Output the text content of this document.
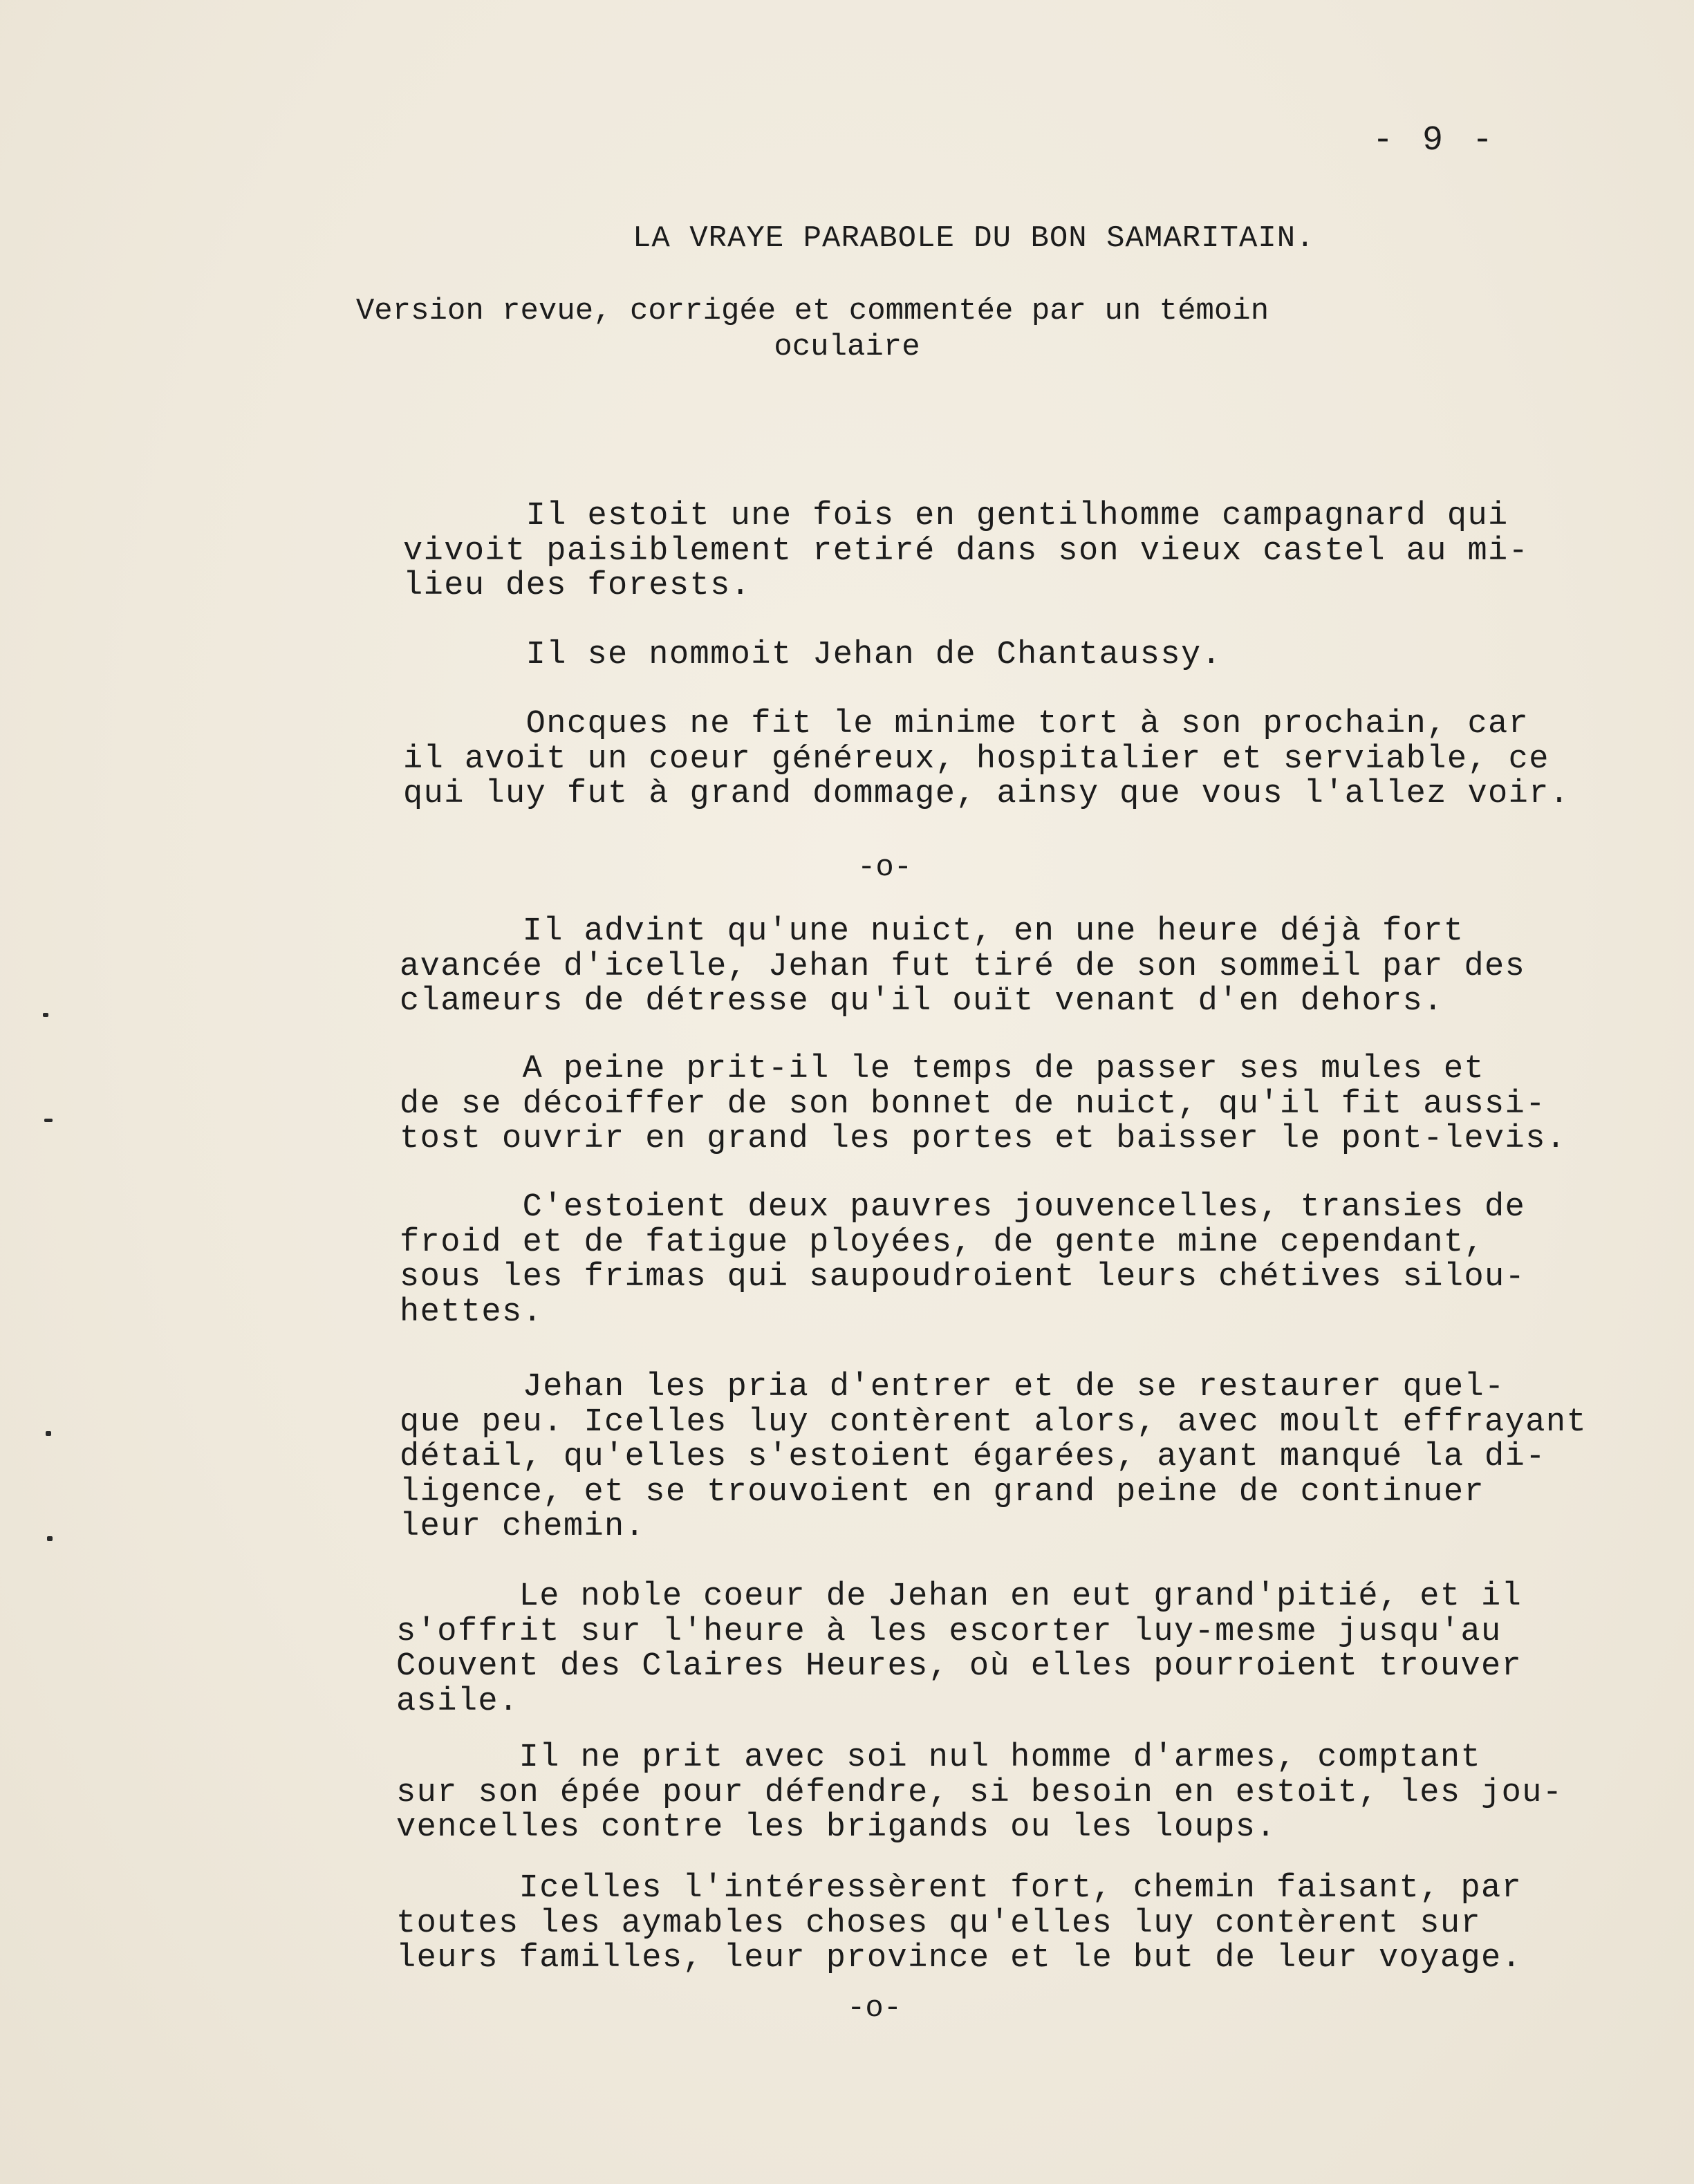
- 9 -
LA VRAYE PARABOLE DU BON SAMARITAIN.
Version revue, corrigée et commentée par un témoin
oculaire
Il estoit une fois en gentilhomme campagnard qui
vivoit paisiblement retiré dans son vieux castel au mi-
lieu des forests.
Il se nommoit Jehan de Chantaussy.
Oncques ne fit le minime tort à son prochain, car
il avoit un coeur généreux, hospitalier et serviable, ce
qui luy fut à grand dommage, ainsy que vous l'allez voir.
-o-
Il advint qu'une nuict, en une heure déjà fort
avancée d'icelle, Jehan fut tiré de son sommeil par des
clameurs de détresse qu'il ouït venant d'en dehors.
A peine prit-il le temps de passer ses mules et
de se décoiffer de son bonnet de nuict, qu'il fit aussi-
tost ouvrir en grand les portes et baisser le pont-levis.
C'estoient deux pauvres jouvencelles, transies de
froid et de fatigue ployées, de gente mine cependant,
sous les frimas qui saupoudroient leurs chétives silou-
hettes.
Jehan les pria d'entrer et de se restaurer quel-
que peu. Icelles luy contèrent alors, avec moult effrayant
détail, qu'elles s'estoient égarées, ayant manqué la di-
ligence, et se trouvoient en grand peine de continuer
leur chemin.
Le noble coeur de Jehan en eut grand'pitié, et il
s'offrit sur l'heure à les escorter luy-mesme jusqu'au
Couvent des Claires Heures, où elles pourroient trouver
asile.
Il ne prit avec soi nul homme d'armes, comptant
sur son épée pour défendre, si besoin en estoit, les jou-
vencelles contre les brigands ou les loups.
Icelles l'intéressèrent fort, chemin faisant, par
toutes les aymables choses qu'elles luy contèrent sur
leurs familles, leur province et le but de leur voyage.
-o-
